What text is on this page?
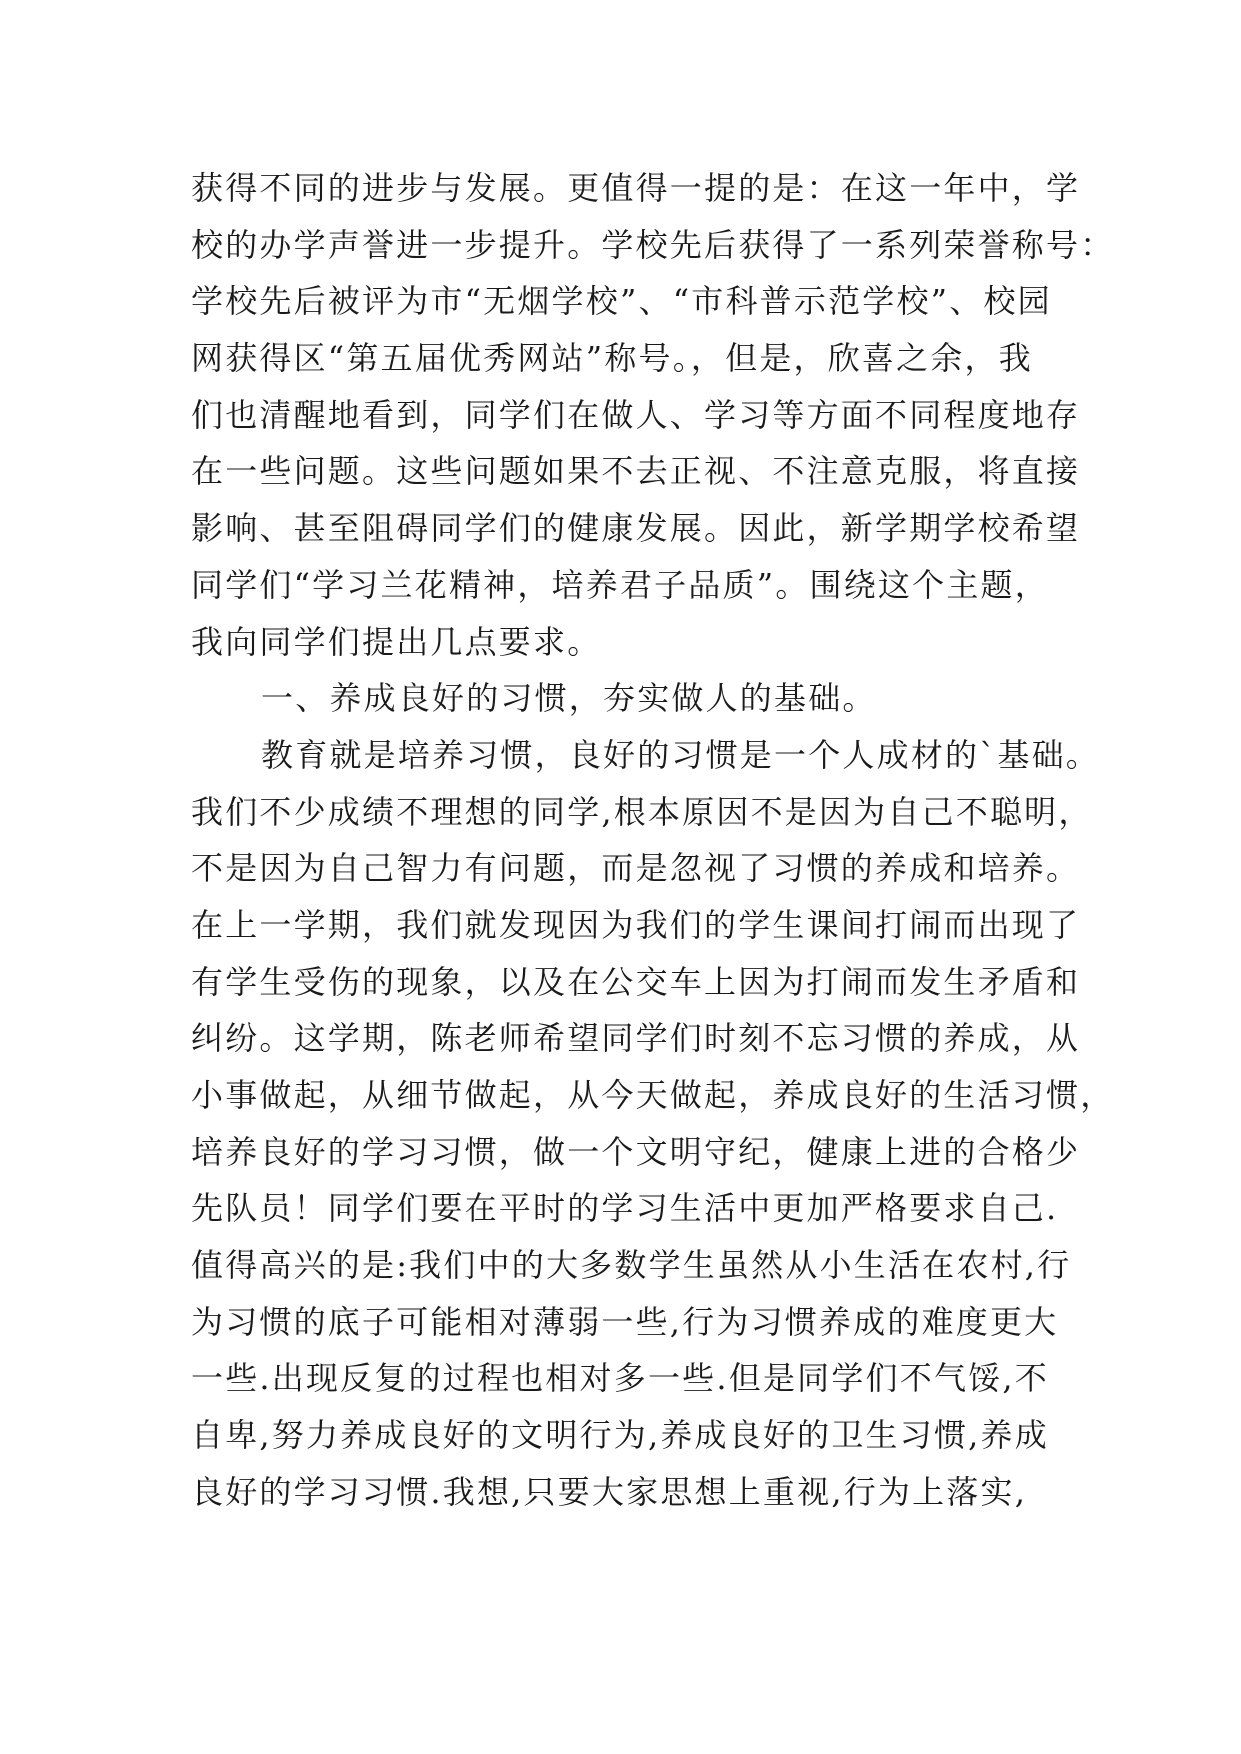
获得不同的进步与发展。更值得一提的是：在这一年中，学
校的办学声誉进一步提升。学校先后获得了一系列荣誉称号：
学校先后被评为市“无烟学校”、“市科普示范学校”、校园
网获得区“第五届优秀网站”称号。，但是，欣喜之余，我
们也清醒地看到，同学们在做人、学习等方面不同程度地存
在一些问题。这些问题如果不去正视、不注意克服，将直接
影响、甚至阻碍同学们的健康发展。因此，新学期学校希望
同学们“学习兰花精神，培养君子品质”。围绕这个主题，
我向同学们提出几点要求。
一、养成良好的习惯，夯实做人的基础。
教育就是培养习惯，良好的习惯是一个人成材的`基础。
我们不少成绩不理想的同学,根本原因不是因为自己不聪明，
不是因为自己智力有问题，而是忽视了习惯的养成和培养。
在上一学期，我们就发现因为我们的学生课间打闹而出现了
有学生受伤的现象，以及在公交车上因为打闹而发生矛盾和
纠纷。这学期，陈老师希望同学们时刻不忘习惯的养成，从
小事做起，从细节做起，从今天做起，养成良好的生活习惯，
培养良好的学习习惯，做一个文明守纪，健康上进的合格少
先队员！同学们要在平时的学习生活中更加严格要求自己.
值得高兴的是:我们中的大多数学生虽然从小生活在农村,行
为习惯的底子可能相对薄弱一些,行为习惯养成的难度更大
一些.出现反复的过程也相对多一些.但是同学们不气馁,不
自卑,努力养成良好的文明行为,养成良好的卫生习惯,养成
良好的学习习惯.我想,只要大家思想上重视,行为上落实,
